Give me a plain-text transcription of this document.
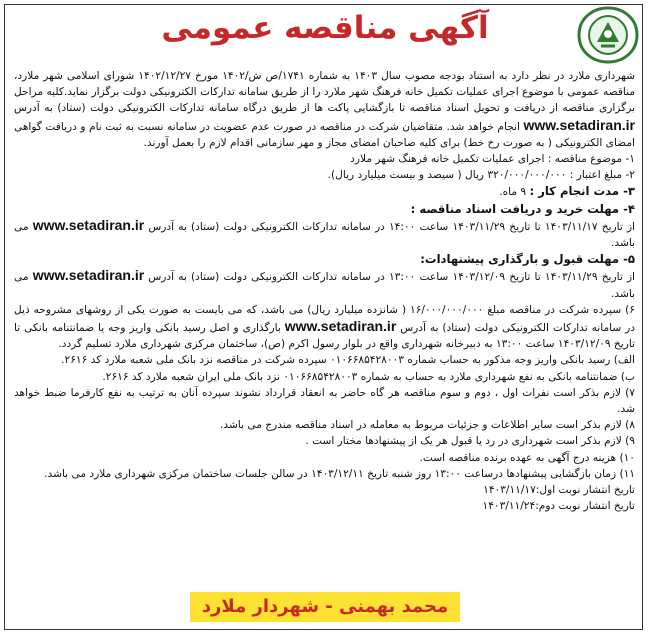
آگهی مناقصه عمومی

شهرداری ملارد در نظر دارد به استناد بودجه مصوب سال ۱۴۰۳ به شماره ۱۷۴۱/ص ش/۱۴۰۲ مورخ ۱۴۰۲/۱۲/۲۷ شورای اسلامی شهر ملارد، مناقصه عمومی با موضوع اجرای عملیات تکمیل خانه فرهنگ شهر ملارد را از طریق سامانه تدارکات الکترونیکی دولت برگزار نماید.کلیه مراحل برگزاری مناقصه از دریافت و تحویل اسناد مناقصه تا بازگشایی پاکت ها از طریق درگاه سامانه تدارکات الکترونیکی دولت (ستاد) به آدرس www.setadiran.ir انجام خواهد شد. متقاضیان شرکت در مناقصه در صورت عدم عضویت در سامانه نسبت به ثبت نام و دریافت گواهی امضای الکترونیکی ( به صورت رخ خط) برای کلیه صاحبان امضای مجاز و مهر سازمانی اقدام لازم را بعمل آورند.

۱- موضوع مناقصه : اجرای عملیات تکمیل خانه فرهنگ شهر ملارد

۲- مبلغ اعتبار : ۳۲۰/۰۰۰/۰۰۰/۰۰۰ ریال ( سیصد و بیست میلیارد ریال).

۳- مدت انجام کار : ۹ ماه.

۴- مهلت خرید و دریافت اسناد مناقصه :

از تاریخ ۱۴۰۳/۱۱/۱۷ تا تاریخ ۱۴۰۳/۱۱/۲۹ ساعت ۱۴:۰۰ در سامانه تدارکات الکترونیکی دولت (ستاد) به آدرس www.setadiran.ir می باشد.

۵- مهلت قبول و بارگذاری پیشنهادات:

از تاریخ ۱۴۰۳/۱۱/۲۹ تا تاریخ ۱۴۰۳/۱۲/۰۹ ساعت ۱۳:۰۰ در سامانه تدارکات الکترونیکی دولت (ستاد) به آدرس www.setadiran.ir می باشد.

۶) سپرده شرکت در مناقصه مبلغ ۱۶/۰۰۰/۰۰۰/۰۰۰ ( شانزده میلیارد ریال) می باشد، که می بایست به صورت یکی از روشهای مشروحه ذیل در سامانه تدارکات الکترونیکی دولت (ستاد) به آدرس www.setadiran.ir بارگذاری و اصل رسید بانکی واریز وجه یا ضمانتنامه بانکی تا تاریخ ۱۴۰۳/۱۲/۰۹ ساعت ۱۳:۰۰ به دبیرخانه شهرداری واقع در بلوار رسول اکرم (ص)، ساختمان مرکزی شهرداری ملارد تسلیم گردد.

الف) رسید بانکی واریز وجه مذکور به حساب شماره ۰۱۰۶۶۸۵۴۲۸۰۰۳ سپرده شرکت در مناقصه نزد بانک ملی شعبه ملارد کد ۲۶۱۶.

ب) ضمانتنامه بانکی به نفع شهرداری ملارد به حساب به شماره ۰۱۰۶۶۸۵۴۲۸۰۰۳ نزد بانک ملی ایران شعبه ملارد کد ۲۶۱۶.

۷) لازم بذکر است نفرات اول ، دوم و سوم مناقصه هر گاه حاضر به انعقاد قرارداد نشوند سپرده آنان به ترتیب به نفع کارفرما ضبط خواهد شد.

۸) لازم بذکر است سایر اطلاعات و جزئیات مربوط به معامله در اسناد مناقصه مندرج می باشد.

۹) لازم بذکر است شهرداری در رد یا قبول هر یک از پیشنهادها مختار است .

۱۰) هزینه درج آگهی به عهده برنده مناقصه است.

۱۱) زمان بازگشایی پیشنهادها درساعت ۱۳:۰۰ روز شنبه تاریخ ۱۴۰۳/۱۲/۱۱ در سالن جلسات ساختمان مرکزی شهرداری ملارد می باشد.

تاریخ انتشار نوبت اول:۱۴۰۳/۱۱/۱۷

تاریخ انتشار نوبت دوم:۱۴۰۳/۱۱/۲۴

محمد بهمنی - شهردار ملارد
